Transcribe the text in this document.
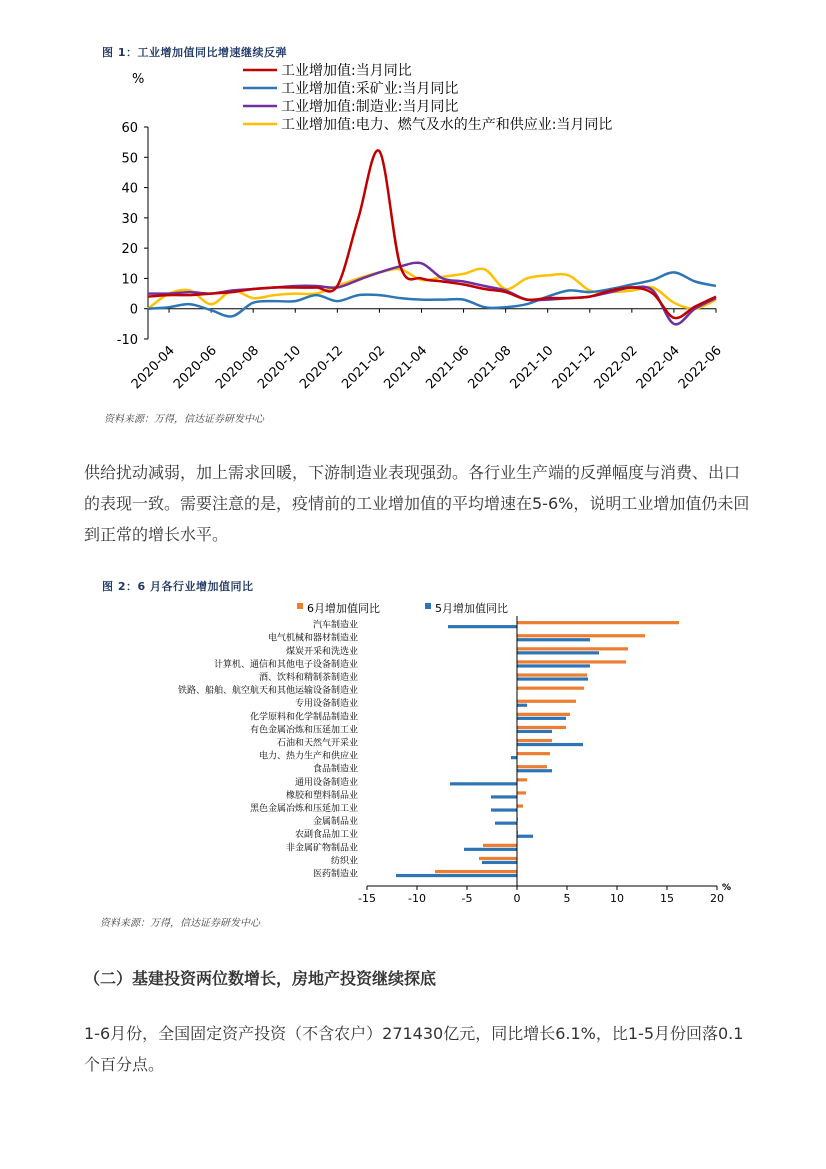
图 1：工业增加值同比增速继续反弹
%
-10
0
10
20
30
40
50
60
2020-04
2020-06
2020-08
2020-10
2020-12
2021-02
2021-04
2021-06
2021-08
2021-10
2021-12
2022-02
2022-04
2022-06
工业增加值:当月同比
工业增加值:采矿业:当月同比
工业增加值:制造业:当月同比
工业增加值:电力、燃气及水的生产和供应业:当月同比
资料来源：万得，信达证券研发中心

供给扰动减弱，加上需求回暖，下游制造业表现强劲。各行业生产端的反弹幅度与消费、出口的表现一致。需要注意的是，疫情前的工业增加值的平均增速在5-6%，说明工业增加值仍未回到正常的增长水平。

图 2：6 月各行业增加值同比
6月增加值同比	5月增加值同比
汽车制造业
电气机械和器材制造业
煤炭开采和洗选业
计算机、通信和其他电子设备制造业
酒、饮料和精制茶制造业
铁路、船舶、航空航天和其他运输设备制造业
专用设备制造业
化学原料和化学制品制造业
有色金属冶炼和压延加工业
石油和天然气开采业
电力、热力生产和供应业
食品制造业
通用设备制造业
橡胶和塑料制品业
黑色金属冶炼和压延加工业
金属制品业
农副食品加工业
非金属矿物制品业
纺织业
医药制造业
-15	-10	-5	0	5	10	15	20
%
资料来源：万得，信达证券研发中心

（二）基建投资两位数增长，房地产投资继续探底

1-6月份，全国固定资产投资（不含农户）271430亿元，同比增长6.1%，比1-5月份回落0.1个百分点。
